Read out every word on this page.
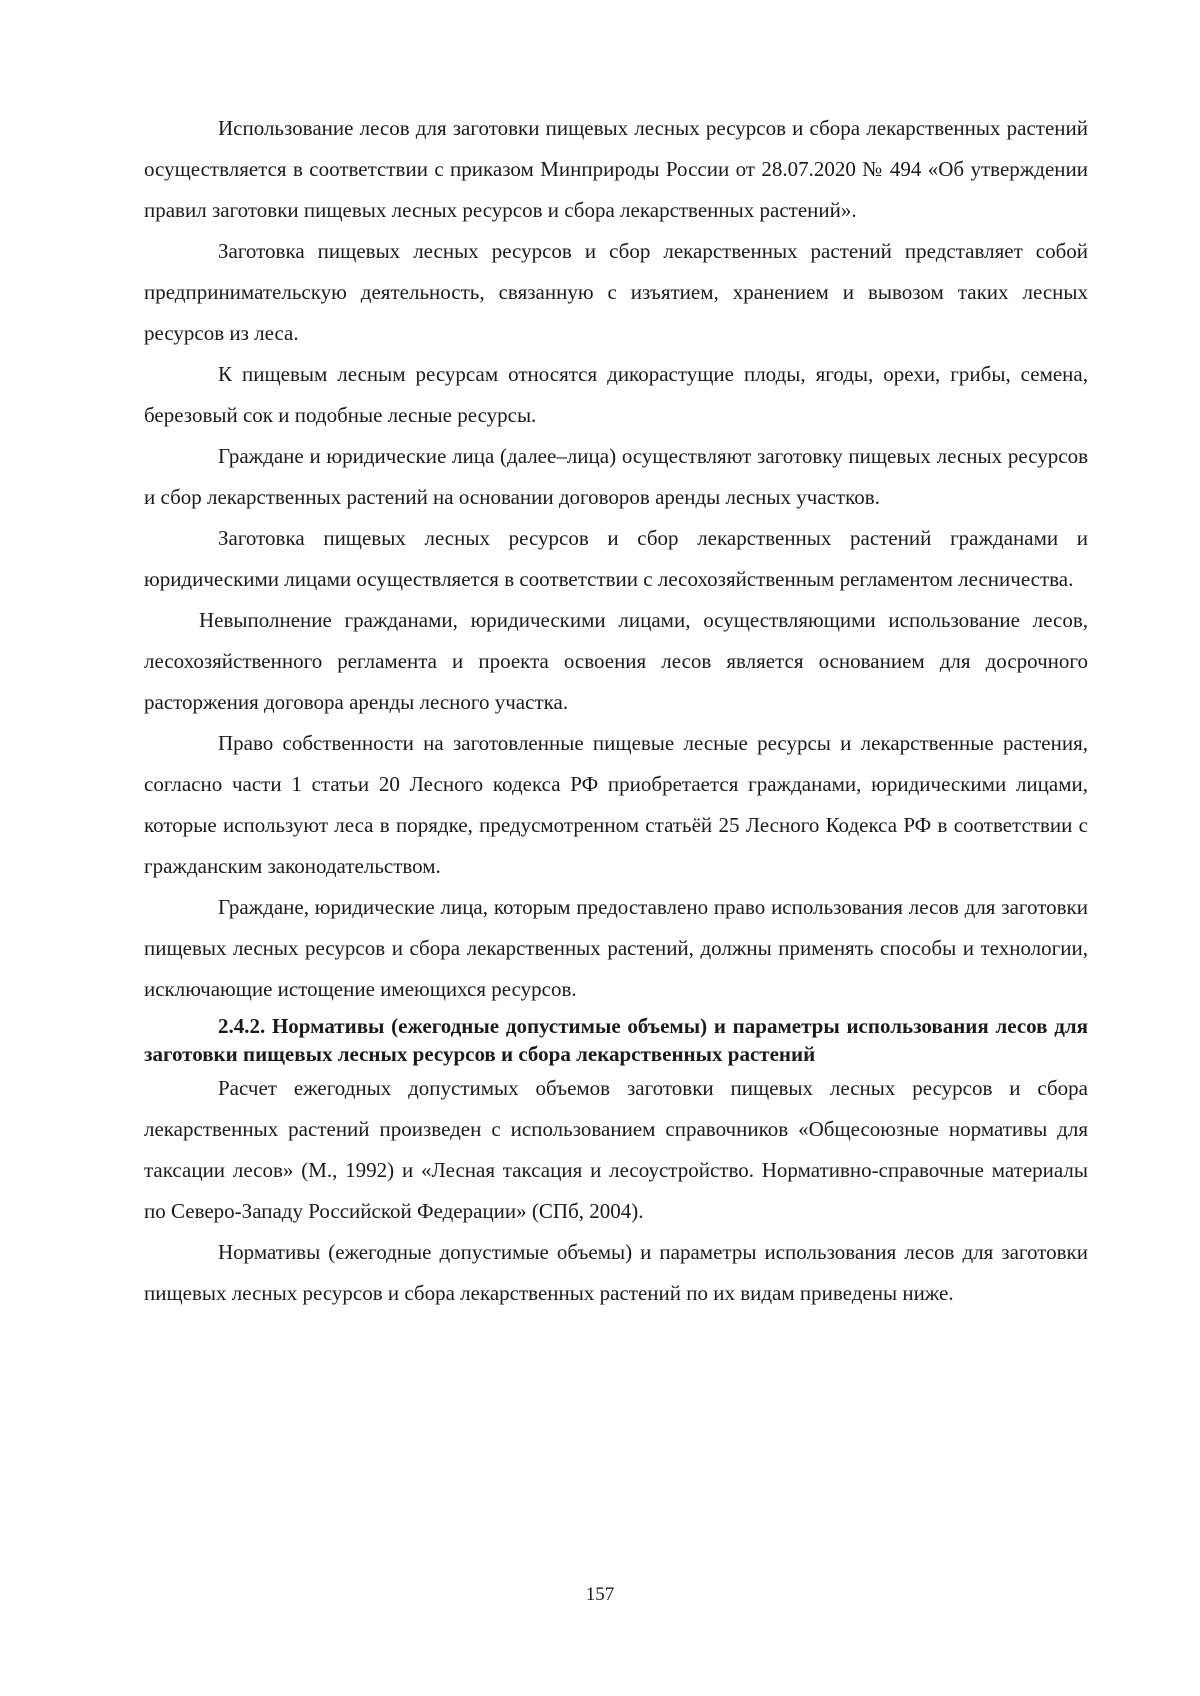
Использование лесов для заготовки пищевых лесных ресурсов и сбора лекарственных растений осуществляется в соответствии с приказом Минприроды России от 28.07.2020 № 494 «Об утверждении правил заготовки пищевых лесных ресурсов и сбора лекарственных растений».

Заготовка пищевых лесных ресурсов и сбор лекарственных растений представляет собой предпринимательскую деятельность, связанную с изъятием, хранением и вывозом таких лесных ресурсов из леса.

К пищевым лесным ресурсам относятся дикорастущие плоды, ягоды, орехи, грибы, семена, березовый сок и подобные лесные ресурсы.

Граждане и юридические лица (далее–лица) осуществляют заготовку пищевых лесных ресурсов и сбор лекарственных растений на основании договоров аренды лесных участков.

Заготовка пищевых лесных ресурсов и сбор лекарственных растений гражданами и юридическими лицами осуществляется в соответствии с лесохозяйственным регламентом лесничества.

Невыполнение гражданами, юридическими лицами, осуществляющими использование лесов, лесохозяйственного регламента и проекта освоения лесов является основанием для досрочного расторжения договора аренды лесного участка.

Право собственности на заготовленные пищевые лесные ресурсы и лекарственные растения, согласно части 1 статьи 20 Лесного кодекса РФ приобретается гражданами, юридическими лицами, которые используют леса в порядке, предусмотренном статьёй 25 Лесного Кодекса РФ в соответствии с гражданским законодательством.

Граждане, юридические лица, которым предоставлено право использования лесов для заготовки пищевых лесных ресурсов и сбора лекарственных растений, должны применять способы и технологии, исключающие истощение имеющихся ресурсов.

2.4.2. Нормативы (ежегодные допустимые объемы) и параметры использования лесов для заготовки пищевых лесных ресурсов и сбора лекарственных растений

Расчет ежегодных допустимых объемов заготовки пищевых лесных ресурсов и сбора лекарственных растений произведен с использованием справочников «Общесоюзные нормативы для таксации лесов» (М., 1992) и «Лесная таксация и лесоустройство. Нормативно-справочные материалы по Северо-Западу Российской Федерации» (СПб, 2004).

Нормативы (ежегодные допустимые объемы) и параметры использования лесов для заготовки пищевых лесных ресурсов и сбора лекарственных растений по их видам приведены ниже.

157
